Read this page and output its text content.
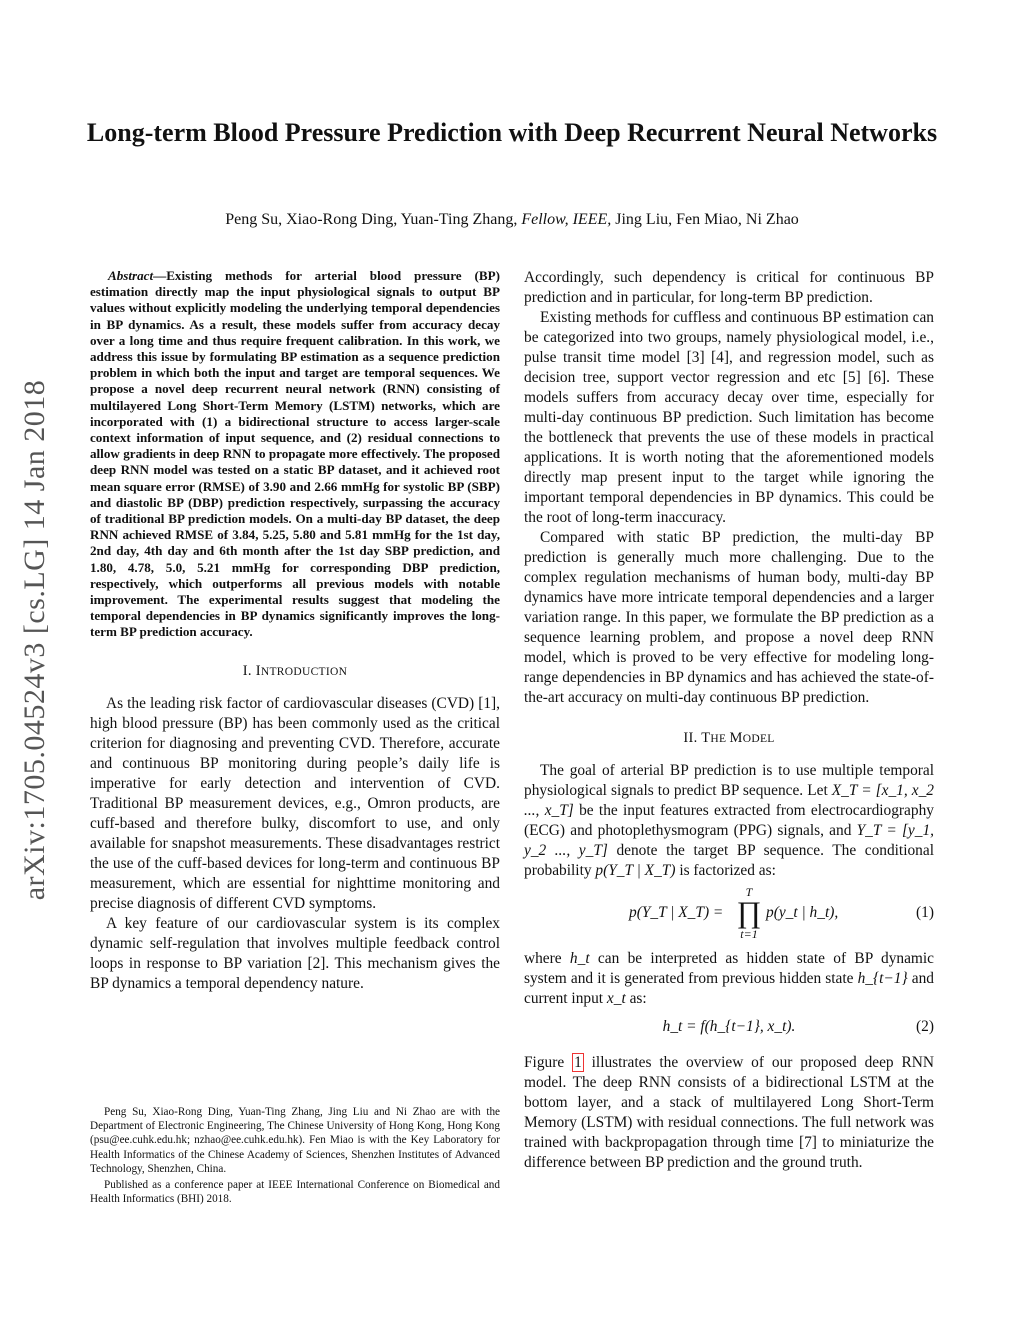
arXiv:1705.04524v3 [cs.LG] 14 Jan 2018
Long-term Blood Pressure Prediction with Deep Recurrent Neural Networks
Peng Su, Xiao-Rong Ding, Yuan-Ting Zhang, Fellow, IEEE, Jing Liu, Fen Miao, Ni Zhao

Abstract—Existing methods for arterial blood pressure (BP) estimation directly map the input physiological signals to output BP values without explicitly modeling the underlying temporal dependencies in BP dynamics. As a result, these models suffer from accuracy decay over a long time and thus require frequent calibration. In this work, we address this issue by formulating BP estimation as a sequence prediction problem in which both the input and target are temporal sequences. We propose a novel deep recurrent neural network (RNN) consisting of multilayered Long Short-Term Memory (LSTM) networks, which are incorporated with (1) a bidirectional structure to access larger-scale context information of input sequence, and (2) residual connections to allow gradients in deep RNN to propagate more effectively. The proposed deep RNN model was tested on a static BP dataset, and it achieved root mean square error (RMSE) of 3.90 and 2.66 mmHg for systolic BP (SBP) and diastolic BP (DBP) prediction respectively, surpassing the accuracy of traditional BP prediction models. On a multi-day BP dataset, the deep RNN achieved RMSE of 3.84, 5.25, 5.80 and 5.81 mmHg for the 1st day, 2nd day, 4th day and 6th month after the 1st day SBP prediction, and 1.80, 4.78, 5.0, 5.21 mmHg for corresponding DBP prediction, respectively, which outperforms all previous models with notable improvement. The experimental results suggest that modeling the temporal dependencies in BP dynamics significantly improves the long-term BP prediction accuracy.

I. INTRODUCTION

As the leading risk factor of cardiovascular diseases (CVD) [1], high blood pressure (BP) has been commonly used as the critical criterion for diagnosing and preventing CVD. Therefore, accurate and continuous BP monitoring during people’s daily life is imperative for early detection and intervention of CVD. Traditional BP measurement devices, e.g., Omron products, are cuff-based and therefore bulky, discomfort to use, and only available for snapshot measurements. These disadvantages restrict the use of the cuff-based devices for long-term and continuous BP measurement, which are essential for nighttime monitoring and precise diagnosis of different CVD symptoms.

A key feature of our cardiovascular system is its complex dynamic self-regulation that involves multiple feedback control loops in response to BP variation [2]. This mechanism gives the BP dynamics a temporal dependency nature.

Peng Su, Xiao-Rong Ding, Yuan-Ting Zhang, Jing Liu and Ni Zhao are with the Department of Electronic Engineering, The Chinese University of Hong Kong, Hong Kong (psu@ee.cuhk.edu.hk; nzhao@ee.cuhk.edu.hk). Fen Miao is with the Key Laboratory for Health Informatics of the Chinese Academy of Sciences, Shenzhen Institutes of Advanced Technology, Shenzhen, China.

Published as a conference paper at IEEE International Conference on Biomedical and Health Informatics (BHI) 2018.

Accordingly, such dependency is critical for continuous BP prediction and in particular, for long-term BP prediction.

Existing methods for cuffless and continuous BP estimation can be categorized into two groups, namely physiological model, i.e., pulse transit time model [3] [4], and regression model, such as decision tree, support vector regression and etc [5] [6]. These models suffers from accuracy decay over time, especially for multi-day continuous BP prediction. Such limitation has become the bottleneck that prevents the use of these models in practical applications. It is worth noting that the aforementioned models directly map present input to the target while ignoring the important temporal dependencies in BP dynamics. This could be the root of long-term inaccuracy.

Compared with static BP prediction, the multi-day BP prediction is generally much more challenging. Due to the complex regulation mechanisms of human body, multi-day BP dynamics have more intricate temporal dependencies and a larger variation range. In this paper, we formulate the BP prediction as a sequence learning problem, and propose a novel deep RNN model, which is proved to be very effective for modeling long-range dependencies in BP dynamics and has achieved the state-of-the-art accuracy on multi-day continuous BP prediction.

II. THE MODEL

The goal of arterial BP prediction is to use multiple temporal physiological signals to predict BP sequence. Let X_T = [x_1, x_2 ..., x_T] be the input features extracted from electrocardiography (ECG) and photoplethysmogram (PPG) signals, and Y_T = [y_1, y_2 ..., y_T] denote the target BP sequence. The conditional probability p(Y_T | X_T) is factorized as:

p(Y_T | X_T) =
T
∏
t=1
p(y_t | h_t),	(1)

where h_t can be interpreted as hidden state of BP dynamic system and it is generated from previous hidden state h_{t−1} and current input x_t as:

h_t = f(h_{t−1}, x_t).	(2)

Figure 1 illustrates the overview of our proposed deep RNN model. The deep RNN consists of a bidirectional LSTM at the bottom layer, and a stack of multilayered Long Short-Term Memory (LSTM) with residual connections. The full network was trained with backpropagation through time [7] to miniaturize the difference between BP prediction and the ground truth.
